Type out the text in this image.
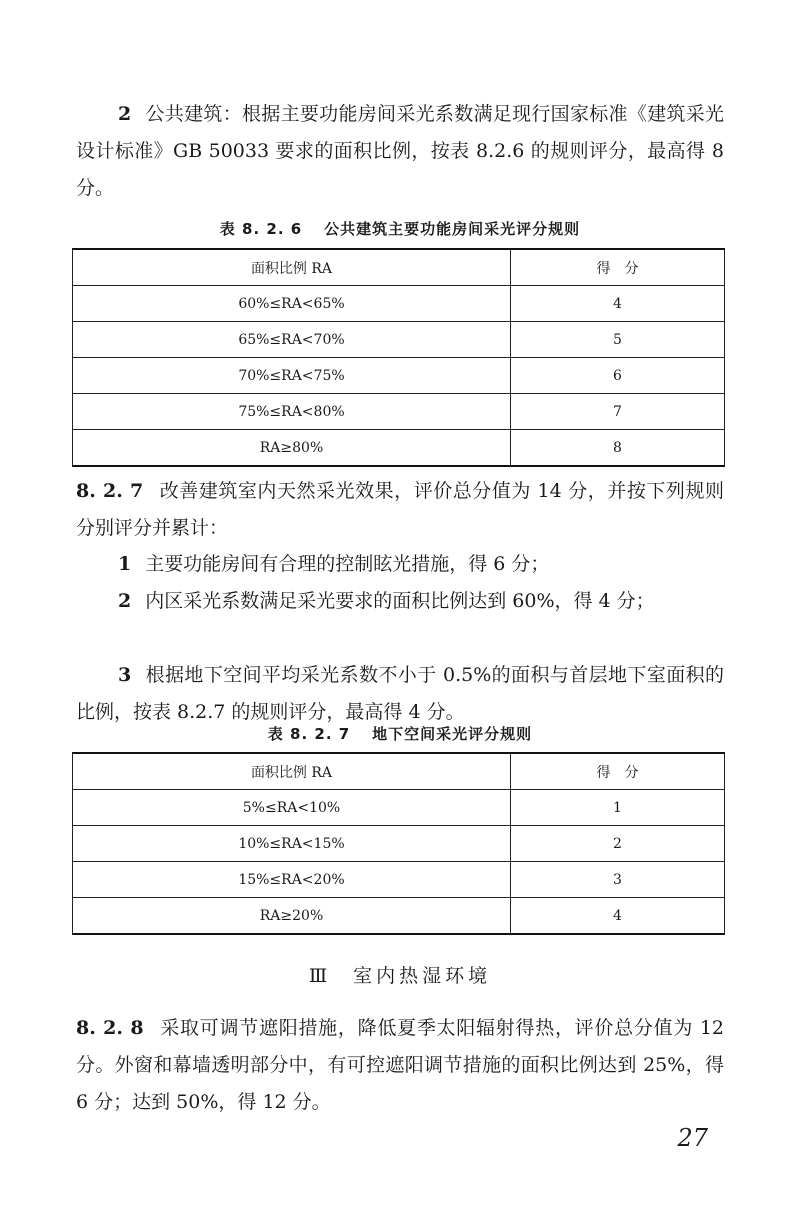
2 公共建筑：根据主要功能房间采光系数满足现行国家标准《建筑采光设计标准》GB 50033 要求的面积比例，按表 8.2.6 的规则评分，最高得 8 分。

表 8. 2. 6 公共建筑主要功能房间采光评分规则
面积比例 RA	得　分
60%≤RA<65%	4
65%≤RA<70%	5
70%≤RA<75%	6
75%≤RA<80%	7
RA≥80%	8

8. 2. 7 改善建筑室内天然采光效果，评价总分值为 14 分，并按下列规则分别评分并累计：

1 主要功能房间有合理的控制眩光措施，得 6 分；

2 内区采光系数满足采光要求的面积比例达到 60%，得 4 分；

3 根据地下空间平均采光系数不小于 0.5%的面积与首层地下室面积的比例，按表 8.2.7 的规则评分，最高得 4 分。

表 8. 2. 7 地下空间采光评分规则
面积比例 RA	得　分
5%≤RA<10%	1
10%≤RA<15%	2
15%≤RA<20%	3
RA≥20%	4
Ⅲ 室内热湿环境

8. 2. 8 采取可调节遮阳措施，降低夏季太阳辐射得热，评价总分值为 12 分。外窗和幕墙透明部分中，有可控遮阳调节措施的面积比例达到 25%，得 6 分；达到 50%，得 12 分。

27
